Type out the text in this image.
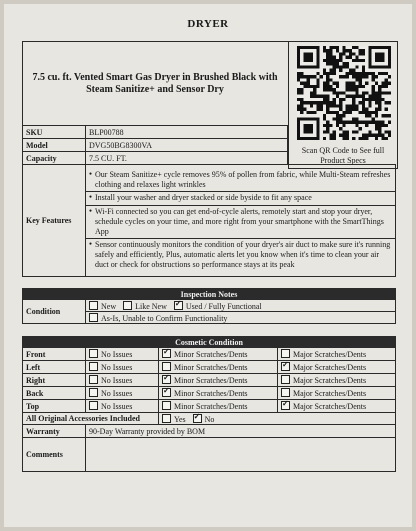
DRYER
7.5 cu. ft. Vented Smart Gas Dryer in Brushed Black with
Steam Sanitize+ and Sensor Dry
Scan QR Code to See full
Product Specs
SKU	BLP00788
Model	DVG50BG8300VA
Capacity	7.5 CU. FT.
Key Features	
● Our Steam Sanitize+ cycle removes 95% of pollen from fabric, while Multi-Steam refreshes clothing and relaxes light wrinkles
● Install your washer and dryer stacked or side byside to fit any space
● Wi-Fi connected so you can get end-of-cycle alerts, remotely start and stop your dryer, schedule cycles on your time, and more right from your smartphone with the SmartThings App
● Sensor continuously monitors the condition of your dryer's air duct to make sure it's running safely and efficiently, Plus, automatic alerts let you know when it's time to clean your air duct or check for obstructions so performance stays at its peak
Inspection Notes
Condition	New Like New ✓ Used / Fully Functional
As-Is, Unable to Confirm Functionality
Cosmetic Condition			
Front	No Issues	✓Minor Scratches/Dents	Major Scratches/Dents
Left	No Issues	Minor Scratches/Dents	✓Major Scratches/Dents
Right	No Issues	✓Minor Scratches/Dents	Major Scratches/Dents
Back	No Issues	✓Minor Scratches/Dents	Major Scratches/Dents
Top	No Issues	Minor Scratches/Dents	✓Major Scratches/Dents
All Original Accessories Included		Yes ✓ No
Warranty	90-Day Warranty provided by BOM		
Comments			
